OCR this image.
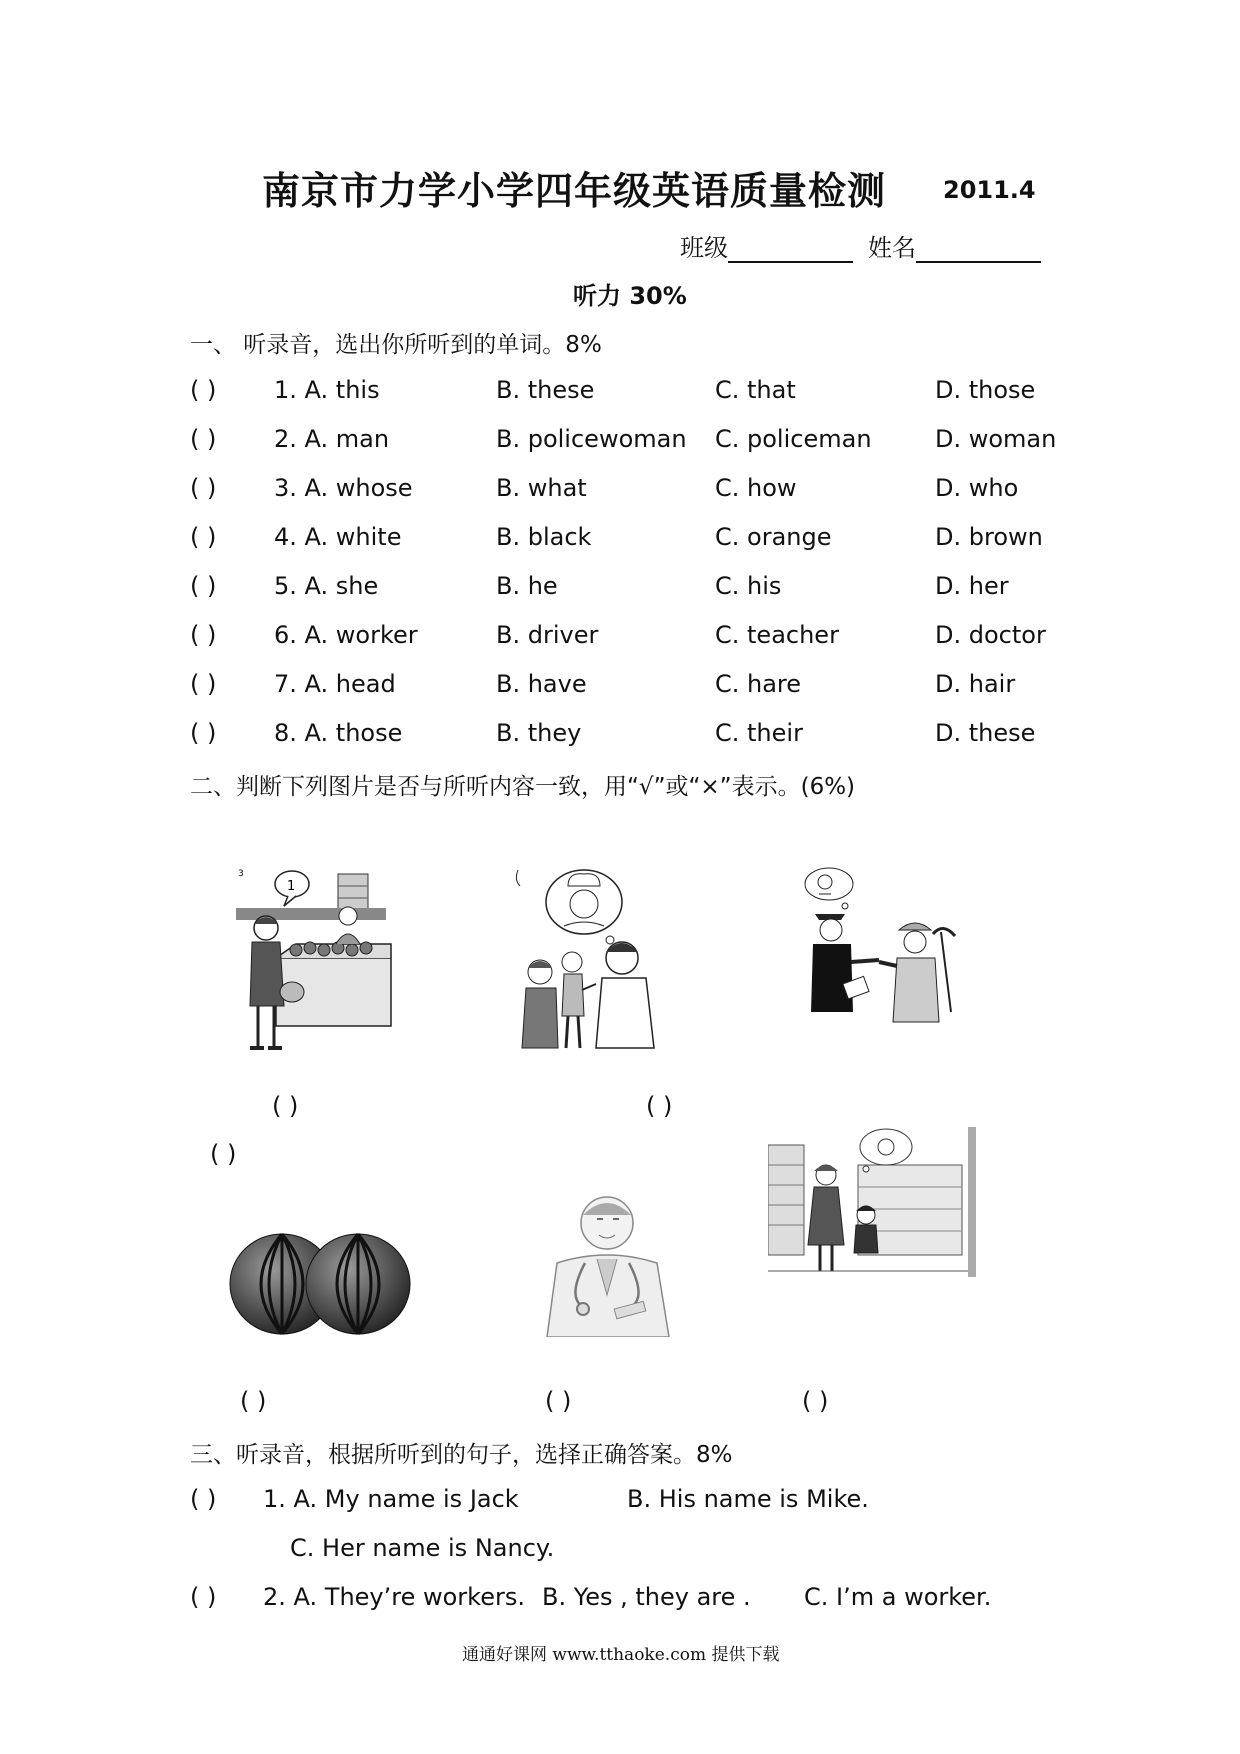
南京市力学小学四年级英语质量检测 2011.4
班级	姓名
听力 30%
一、 听录音，选出你所听到的单词。8%
( ) 1. A. this	B. these	C. that	D. those
( ) 2. A. man	B. policewoman C. policeman	D. woman
( ) 3. A. whose	B. what	C. how	D. who
( ) 4. A. white	B. black	C. orange	D. brown
( ) 5. A. she	B. he	C. his	D. her
( ) 6. A. worker	B. driver	C. teacher	D. doctor
( ) 7. A. head	B. have	C. hare	D. hair
( ) 8. A. those	B. they	C. their	D. these
二、判断下列图片是否与所听内容一致，用“√”或“×”表示。(6%)
3
1
( )	( )
( )
( )	( )	( )
三、听录音，根据所听到的句子，选择正确答案。8%
( ) 1. A. My name is Jack	B. His name is Mike.
C. Her name is Nancy.
( ) 2. A. They’re workers. B. Yes , they are . C. I’m a worker.
通通好课网 www.tthaoke.com 提供下载
